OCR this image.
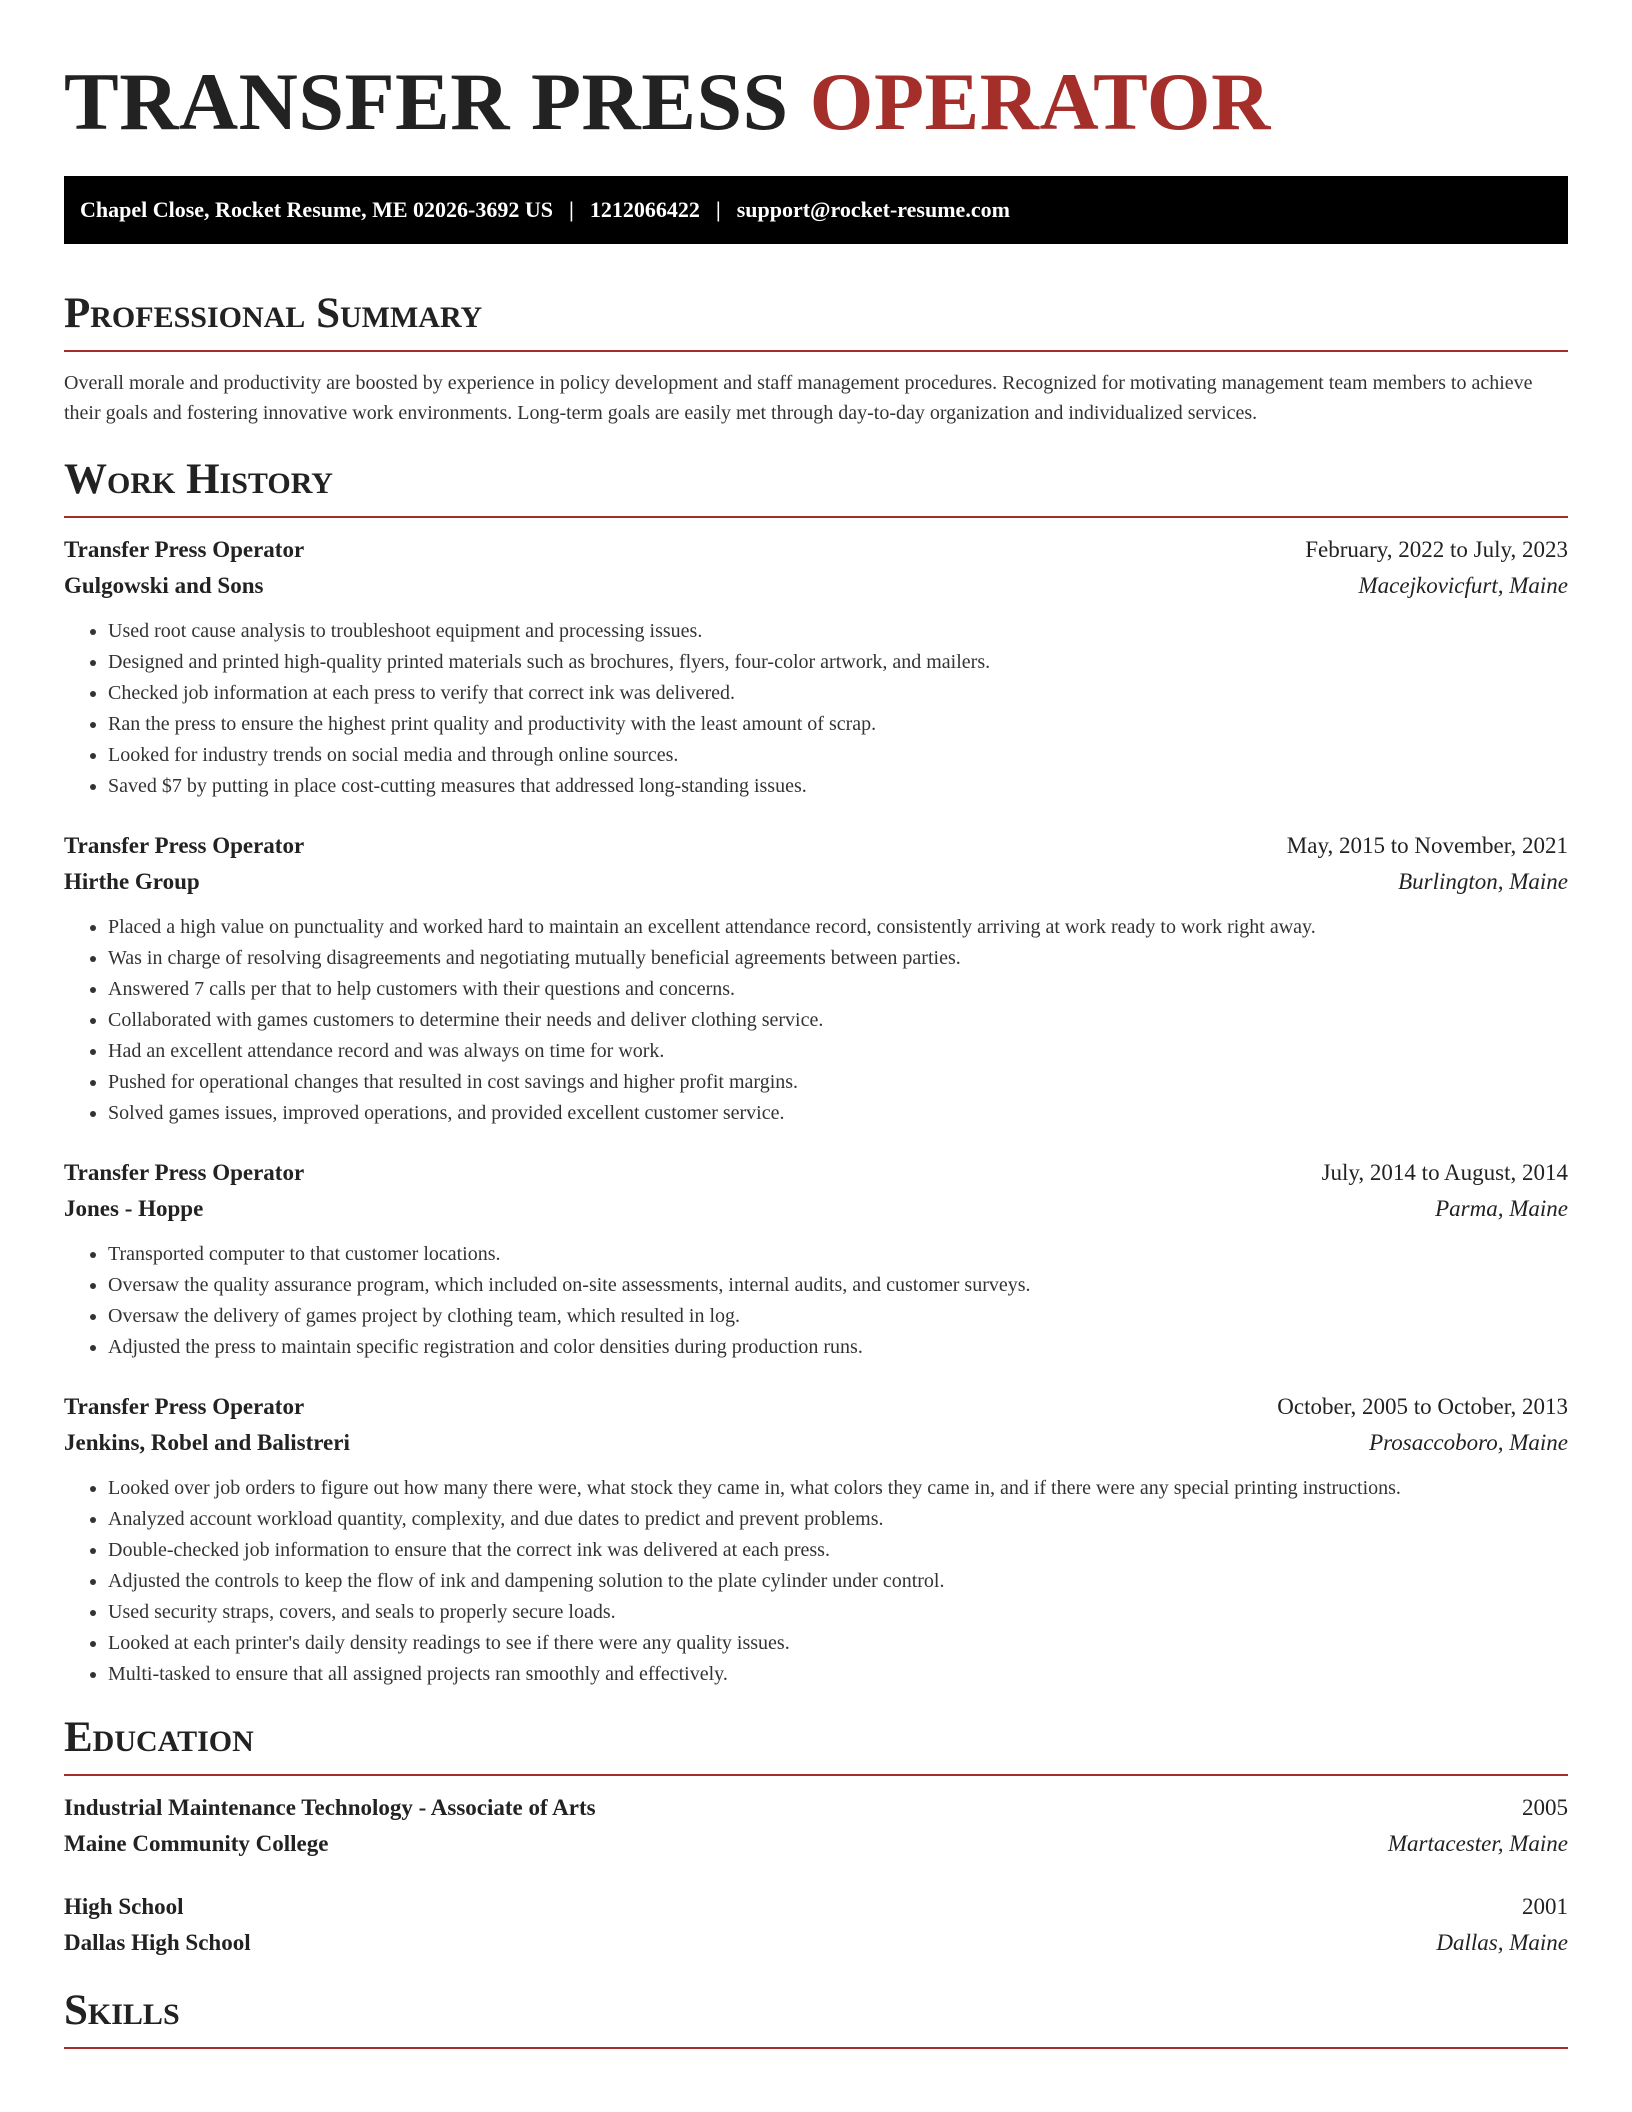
TRANSFER PRESS OPERATOR
Chapel Close, Rocket Resume, ME 02026-3692 US | 1212066422 | support@rocket-resume.com
Professional Summary

Overall morale and productivity are boosted by experience in policy development and staff management procedures. Recognized for motivating management team members to achieve their goals and fostering innovative work environments. Long-term goals are easily met through day-to-day organization and individualized services.

Work History
Transfer Press Operator	February, 2022 to July, 2023
Gulgowski and Sons	Macejkovicfurt, Maine
• Used root cause analysis to troubleshoot equipment and processing issues.
• Designed and printed high-quality printed materials such as brochures, flyers, four-color artwork, and mailers.
• Checked job information at each press to verify that correct ink was delivered.
• Ran the press to ensure the highest print quality and productivity with the least amount of scrap.
• Looked for industry trends on social media and through online sources.
• Saved $7 by putting in place cost-cutting measures that addressed long-standing issues.
Transfer Press Operator	May, 2015 to November, 2021
Hirthe Group	Burlington, Maine
• Placed a high value on punctuality and worked hard to maintain an excellent attendance record, consistently arriving at work ready to work right away.
• Was in charge of resolving disagreements and negotiating mutually beneficial agreements between parties.
• Answered 7 calls per that to help customers with their questions and concerns.
• Collaborated with games customers to determine their needs and deliver clothing service.
• Had an excellent attendance record and was always on time for work.
• Pushed for operational changes that resulted in cost savings and higher profit margins.
• Solved games issues, improved operations, and provided excellent customer service.
Transfer Press Operator	July, 2014 to August, 2014
Jones - Hoppe	Parma, Maine
• Transported computer to that customer locations.
• Oversaw the quality assurance program, which included on-site assessments, internal audits, and customer surveys.
• Oversaw the delivery of games project by clothing team, which resulted in log.
• Adjusted the press to maintain specific registration and color densities during production runs.
Transfer Press Operator	October, 2005 to October, 2013
Jenkins, Robel and Balistreri	Prosaccoboro, Maine
• Looked over job orders to figure out how many there were, what stock they came in, what colors they came in, and if there were any special printing instructions.
• Analyzed account workload quantity, complexity, and due dates to predict and prevent problems.
• Double-checked job information to ensure that the correct ink was delivered at each press.
• Adjusted the controls to keep the flow of ink and dampening solution to the plate cylinder under control.
• Used security straps, covers, and seals to properly secure loads.
• Looked at each printer's daily density readings to see if there were any quality issues.
• Multi-tasked to ensure that all assigned projects ran smoothly and effectively.
Education
Industrial Maintenance Technology - Associate of Arts	2005
Maine Community College	Martacester, Maine
High School	2001
Dallas High School	Dallas, Maine
Skills
